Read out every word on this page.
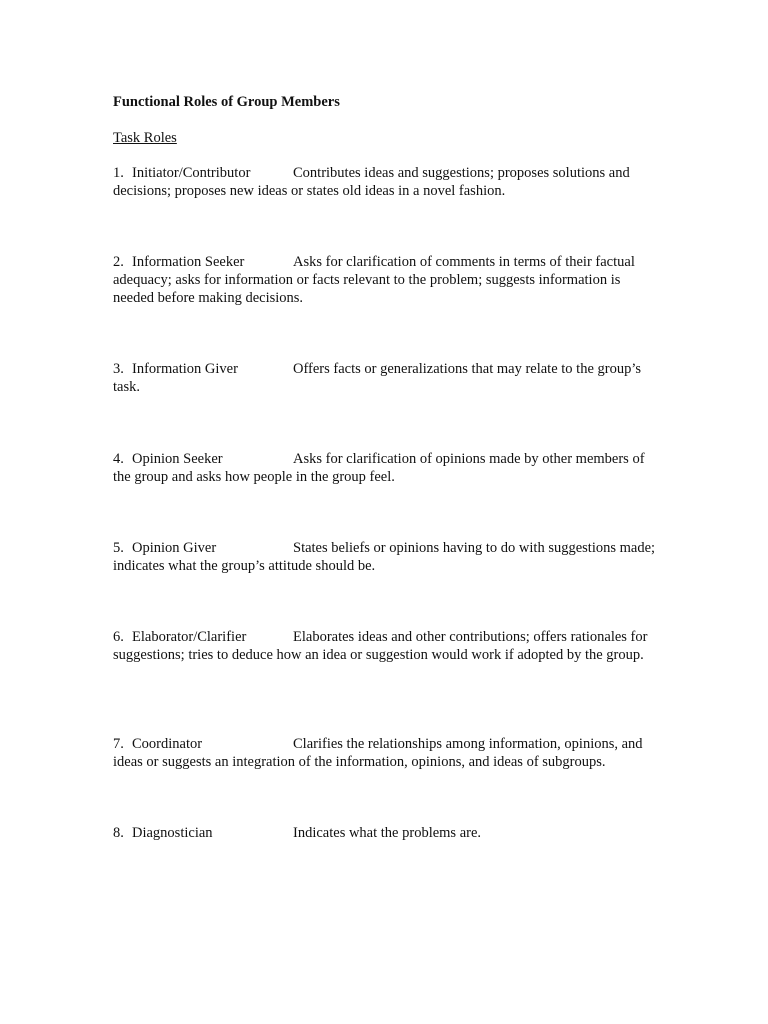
Functional Roles of Group Members
Task Roles

1. Initiator/Contributor	Contributes ideas and suggestions; proposes solutions and decisions; proposes new ideas or states old ideas in a novel fashion.

2. Information Seeker	Asks for clarification of comments in terms of their factual adequacy; asks for information or facts relevant to the problem; suggests information is needed before making decisions.

3. Information Giver	Offers facts or generalizations that may relate to the group’s task.

4. Opinion Seeker	Asks for clarification of opinions made by other members of the group and asks how people in the group feel.

5. Opinion Giver	States beliefs or opinions having to do with suggestions made; indicates what the group’s attitude should be.

6. Elaborator/Clarifier	Elaborates ideas and other contributions; offers rationales for suggestions; tries to deduce how an idea or suggestion would work if adopted by the group.

7. Coordinator	Clarifies the relationships among information, opinions, and ideas or suggests an integration of the information, opinions, and ideas of subgroups.

8. Diagnostician	Indicates what the problems are.
